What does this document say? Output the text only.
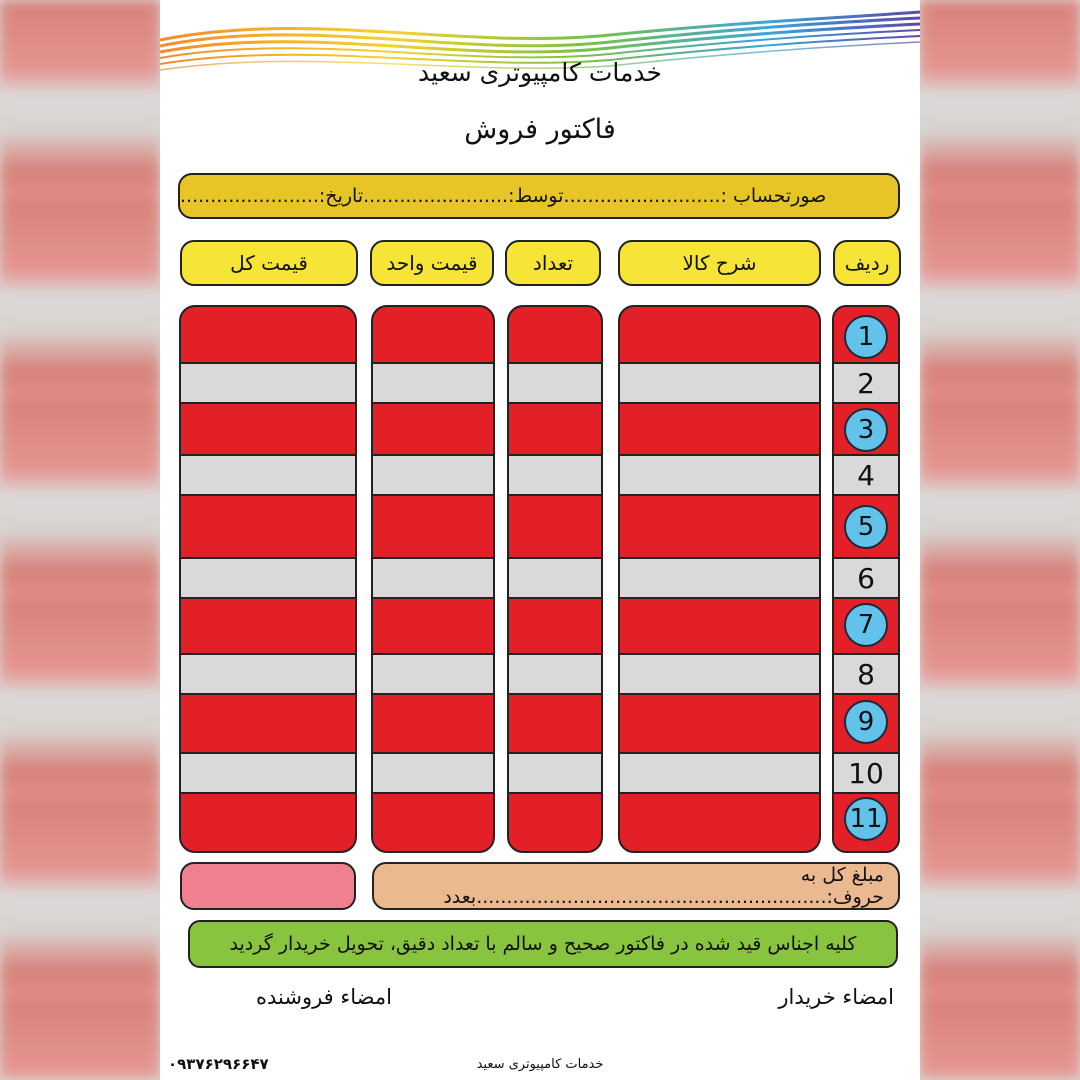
خدمات کامپیوتری سعید
فاکتور فروش
صورتحساب :..........................توسط:........................تاریخ:.......................
ردیف
شرح کالا
تعداد
قیمت واحد
قیمت کل
1
2
3
4
5
6
7
8
9
10
11
مبلغ کل به حروف:..........................................................بعدد
کلیه اجناس قید شده در فاکتور صحیح و سالم با تعداد دقیق، تحویل خریدار گردید
امضاء فروشنده	امضاء خریدار
۰۹۳۷۶۲۹۶۶۴۷	خدمات کامپیوتری سعید
